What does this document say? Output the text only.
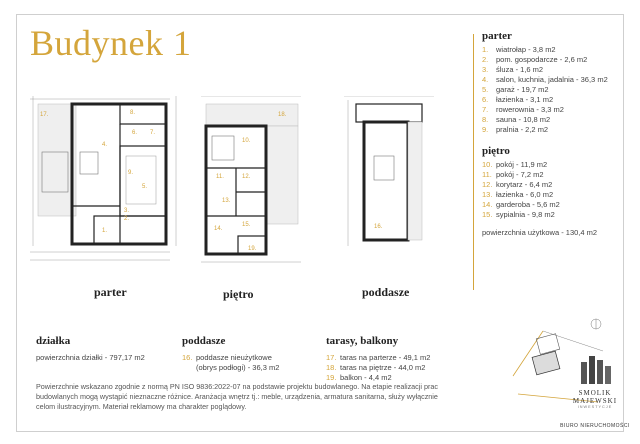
Budynek 1
17.
1.
2.
3.
4.
5.
6. 7.
8.
9.
18.
10.
11.	12.
13.
14.
15.
19.
16.
parter	piętro	poddasze
parter
1.	wiatrołap - 3,8 m2
2.	pom. gospodarcze - 2,6 m2
3.	śluza - 1,6 m2
4.	salon, kuchnia, jadalnia - 36,3 m2
5.	garaż - 19,7 m2
6.	łazienka - 3,1 m2
7.	rowerownia - 3,3 m2
8.	sauna - 10,8 m2
9.	pralnia - 2,2 m2
piętro
10. pokój - 11,9 m2
11. pokój - 7,2 m2
12. korytarz - 6,4 m2
13. łazienka - 6,0 m2
14. garderoba - 5,6 m2
15. sypialnia - 9,8 m2
powierzchnia użytkowa - 130,4 m2
działka
powierzchnia działki - 797,17 m2
poddasze
16. poddasze nieużytkowe
(obrys podłogi) - 36,3 m2
tarasy, balkony
17. taras na parterze - 49,1 m2
18. taras na piętrze - 44,0 m2
19. balkon - 4,4 m2
Powierzchnie wskazano zgodnie z normą PN ISO 9836:2022-07 na podstawie projektu budowlanego. Na etapie realizacji prac budowlanych mogą wystąpić nieznaczne różnice. Aranżacja wnętrz tj.: meble, urządzenia, armatura sanitarna, służy wyłącznie celom ilustracyjnym. Materiał reklamowy ma charakter poglądowy.
SMOLIK MAJEWSKI
INWESTYCJE
BIURO NIERUCHOMOŚCI
